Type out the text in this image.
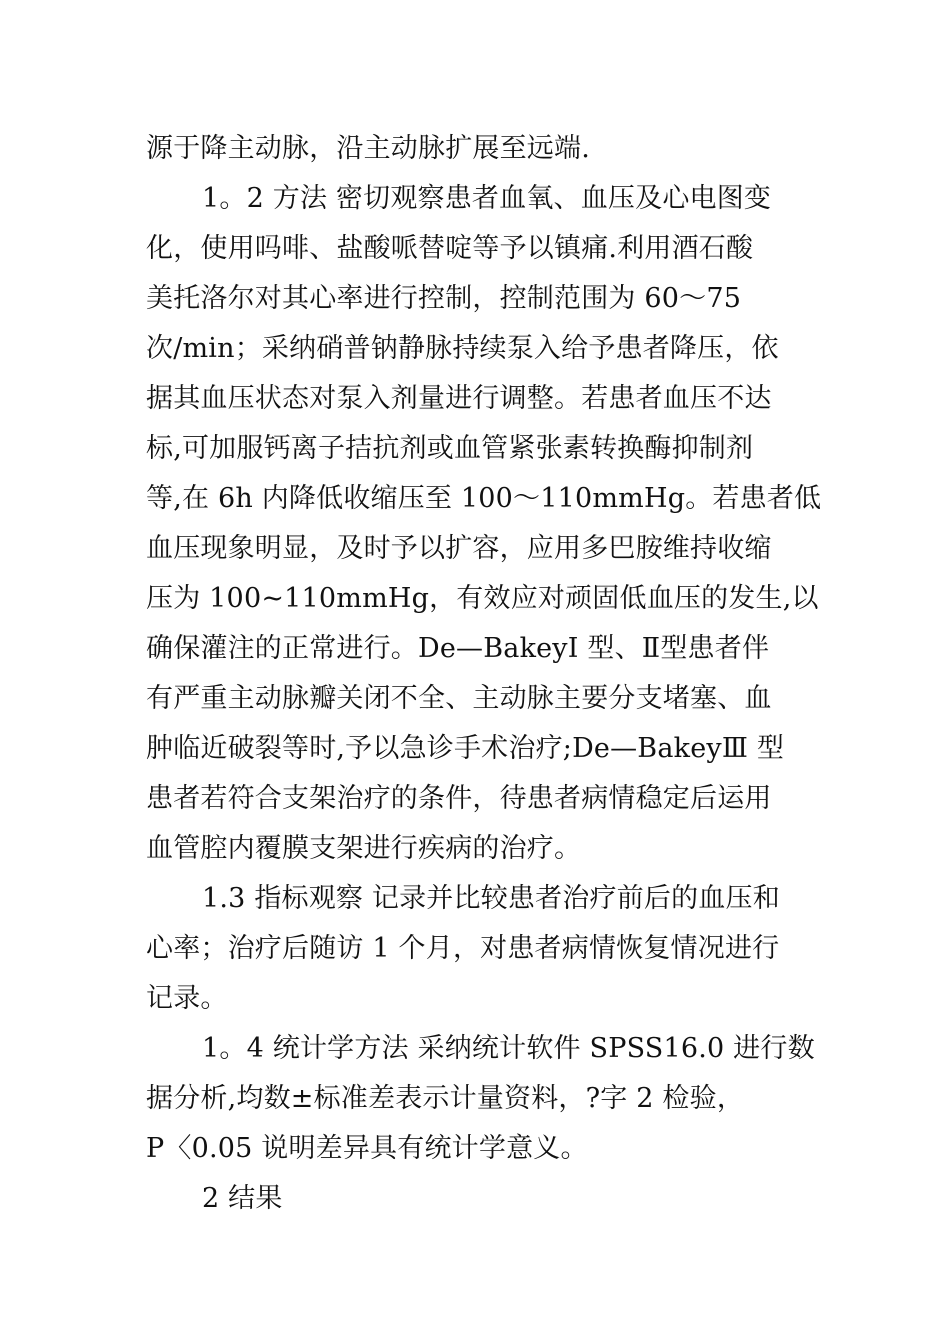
源于降主动脉，沿主动脉扩展至远端.
1。2 方法 密切观察患者血氧、血压及心电图变
化，使用吗啡、盐酸哌替啶等予以镇痛.利用酒石酸
美托洛尔对其心率进行控制，控制范围为 60～75
次/min；采纳硝普钠静脉持续泵入给予患者降压，依
据其血压状态对泵入剂量进行调整。若患者血压不达
标,可加服钙离子拮抗剂或血管紧张素转换酶抑制剂
等,在 6h 内降低收缩压至 100～110mmHg。若患者低
血压现象明显，及时予以扩容，应用多巴胺维持收缩
压为 100~110mmHg，有效应对顽固低血压的发生,以
确保灌注的正常进行。De—BakeyⅠ 型、Ⅱ型患者伴
有严重主动脉瓣关闭不全、主动脉主要分支堵塞、血
肿临近破裂等时,予以急诊手术治疗;De—BakeyⅢ 型
患者若符合支架治疗的条件，待患者病情稳定后运用
血管腔内覆膜支架进行疾病的治疗。
1.3 指标观察 记录并比较患者治疗前后的血压和
心率；治疗后随访 1 个月，对患者病情恢复情况进行
记录。
1。4 统计学方法 采纳统计软件 SPSS16.0 进行数
据分析,均数±标准差表示计量资料，?字 2 检验，
P〈0.05 说明差异具有统计学意义。
2 结果
